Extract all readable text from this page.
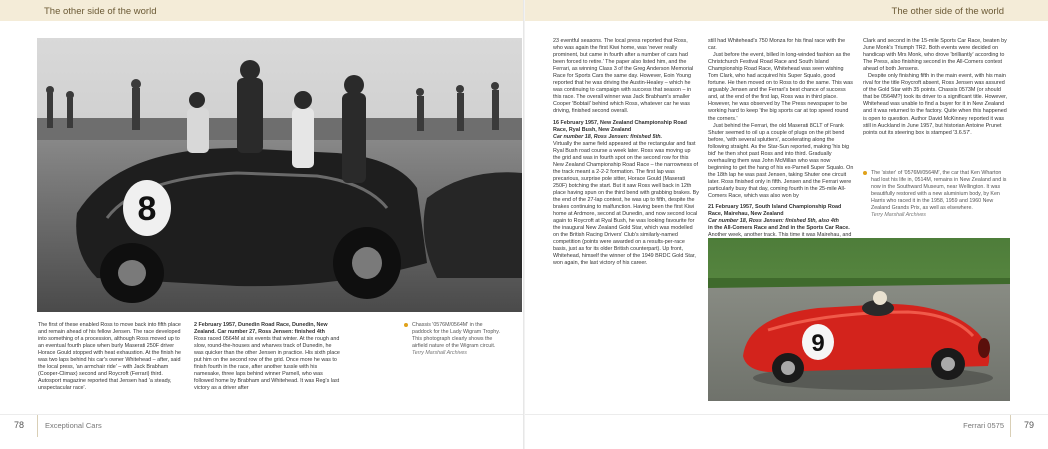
The other side of the world	The other side of the world
8

The first of these enabled Ross to move back into fifth place and remain ahead of his fellow Jensen. The race developed into something of a procession, although Ross moved up to an eventual fourth place when burly Maserati 250F driver Horace Gould stopped with heat exhaustion. At the finish he was two laps behind his car's owner Whitehead – after, said the local press, 'an armchair ride' – with Jack Brabham (Cooper-Climax) second and Roycroft (Ferrari) third. Autosport magazine reported that Jensen had 'a steady, unspectacular race'.

2 February 1957, Dunedin Road Race, Dunedin, New Zealand. Car number 27, Ross Jensen: finished 4th

Ross raced 0564M at six events that winter. At the rough and slow, round-the-houses and wharves track of Dunedin, he was quicker than the other Jensen in practice. His sixth place put him on the second row of the grid. Once more he was to finish fourth in the race, after another tussle with his namesake, three laps behind winner Parnell, who was followed home by Brabham and Whitehead. It was Reg's last victory as a driver after

Chassis '0576M/0564M' in the paddock for the Lady Wigram Trophy. This photograph clearly shows the airfield nature of the Wigram circuit.
Terry Marshall Archives

23 eventful seasons. The local press reported that Ross, who was again the first Kiwi home, was 'never really prominent, but came in fourth after a number of cars had been forced to retire.' The paper also listed him, and the Ferrari, as winning Class 3 of the Greg Anderson Memorial Race for Sports Cars the same day. However, Eoin Young reported that he was driving the Austin-Healey – which he was continuing to campaign with success that season – in this race. The overall winner was Jack Brabham's smaller Cooper 'Bobtail' behind which Ross, whatever car he was driving, finished second overall.

16 February 1957, New Zealand Championship Road Race, Ryal Bush, New Zealand

Car number 18, Ross Jensen: finished 5th.

Virtually the same field appeared at the rectangular and fast Ryal Bush road course a week later. Ross was moving up the grid and was in fourth spot on the second row for this New Zealand Championship Road Race – the narrowness of the track meant a 2-2-2 formation. The first lap was precarious, surprise pole sitter, Horace Gould (Maserati 250F) botching the start. But it saw Ross well back in 12th place having spun on the third bend with grabbing brakes. By the end of the 27-lap contest, he was up to fifth, despite the brakes continuing to malfunction. Having been the first Kiwi home at Ardmore, second at Dunedin, and now second local again to Roycroft at Ryal Bush, he was looking favourite for the inaugural New Zealand Gold Star, which was modelled on the British Racing Drivers' Club's similarly-named competition (points were awarded on a results-per-race basis, just as for its older British counterpart). Up front, Whitehead, himself the winner of the 1949 BRDC Gold Star, won again, the last victory of his career.

still had Whitehead's 750 Monza for his final race with the car.

Just before the event, billed in long-winded fashion as the Christchurch Festival Road Race and South Island Championship Road Race, Whitehead was seen wishing Tom Clark, who had acquired his Super Squalo, good fortune. He then moved on to Ross to do the same. This was arguably Jensen and the Ferrari's best chance of success and, at the end of the first lap, Ross was in third place. However, he was observed by The Press newspaper to be working hard to keep 'the big sports car at top speed round the corners.'

Just behind the Ferrari, the old Maserati 8CLT of Frank Shuter seemed to oil up a couple of plugs on the pit bend before, 'with several splutters', accelerating along the following straight. As the Star-Sun reported, making 'his big bid' he then shot past Ross and into third. Gradually overhauling them was John McMillan who was now beginning to get the hang of his ex-Parnell Super Squalo. On the 18th lap he was past Jensen, taking Shuter one circuit later. Ross finished only in fifth. Jensen and the Ferrari were particularly busy that day, coming fourth in the 25-mile All-Comers Race, which was also won by

21 February 1957, South Island Championship Road Race, Mairehau, New Zealand

Car number 18, Ross Jensen: finished 5th, also 4th

in the All-Comers Race and 2nd in the Sports Car Race.

Another week, another track. This time it was Mairehau, and

Clark and second in the 15-mile Sports Car Race, beaten by June Monk's Triumph TR2. Both events were decided on handicap with Mrs Monk, who drove 'brilliantly' according to The Press, also finishing second in the All-Comers contest ahead of both Jensens.

Despite only finishing fifth in the main event, with his main rival for the title Roycroft absent, Ross Jensen was assured of the Gold Star with 35 points. Chassis 0573M (or should that be 0564M?) took its driver to a significant title. However, Whitehead was unable to find a buyer for it in New Zealand and it was returned to the factory. Quite when this happened is open to question. Author David McKinney reported it was still in Auckland in June 1957, but historian Antoine Prunet points out its steering box is stamped '3.6.57'.

The 'sister' of '0576M/0564M', the car that Ken Wharton had lost his life in, 0514M, remains in New Zealand and is now in the Southward Museum, near Wellington. It was beautifully restored with a new aluminium body, by Ken Harris who raced it in the 1958, 1959 and 1960 New Zealand Grands Prix, as well as elsewhere.
Terry Marshall Archives
9
78	Exceptional Cars	Ferrari 0575 79
